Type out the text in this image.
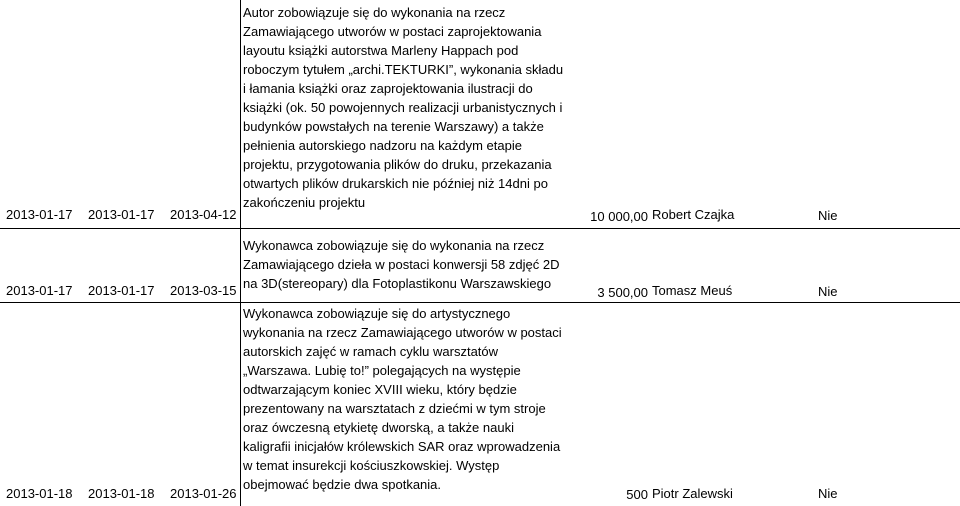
2013-01-17 2013-01-17 2013-04-12
Autor zobowiązuje się do wykonania na rzecz
Zamawiającego utworów w postaci zaprojektowania
layoutu książki autorstwa Marleny Happach pod
roboczym tytułem „archi.TEKTURKI”, wykonania składu
i łamania książki oraz zaprojektowania ilustracji do
książki (ok. 50 powojennych realizacji urbanistycznych i
budynków powstałych na terenie Warszawy) a także
pełnienia autorskiego nadzoru na każdym etapie
projektu, przygotowania plików do druku, przekazania
otwartych plików drukarskich nie później niż 14dni po
zakończeniu projektu
10 000,00 Robert Czajka	Nie
2013-01-17 2013-01-17 2013-03-15
Wykonawca zobowiązuje się do wykonania na rzecz
Zamawiającego dzieła w postaci konwersji 58 zdjęć 2D
na 3D(stereopary) dla Fotoplastikonu Warszawskiego
3 500,00 Tomasz Meuś	Nie
2013-01-18 2013-01-18 2013-01-26
Wykonawca zobowiązuje się do artystycznego
wykonania na rzecz Zamawiającego utworów w postaci
autorskich zajęć w ramach cyklu warsztatów
„Warszawa. Lubię to!” polegających na występie
odtwarzającym koniec XVIII wieku, który będzie
prezentowany na warsztatach z dziećmi w tym stroje
oraz ówczesną etykietę dworską, a także nauki
kaligrafii inicjałów królewskich SAR oraz wprowadzenia
w temat insurekcji kościuszkowskiej. Występ
obejmować będzie dwa spotkania.
500 Piotr Zalewski	Nie
